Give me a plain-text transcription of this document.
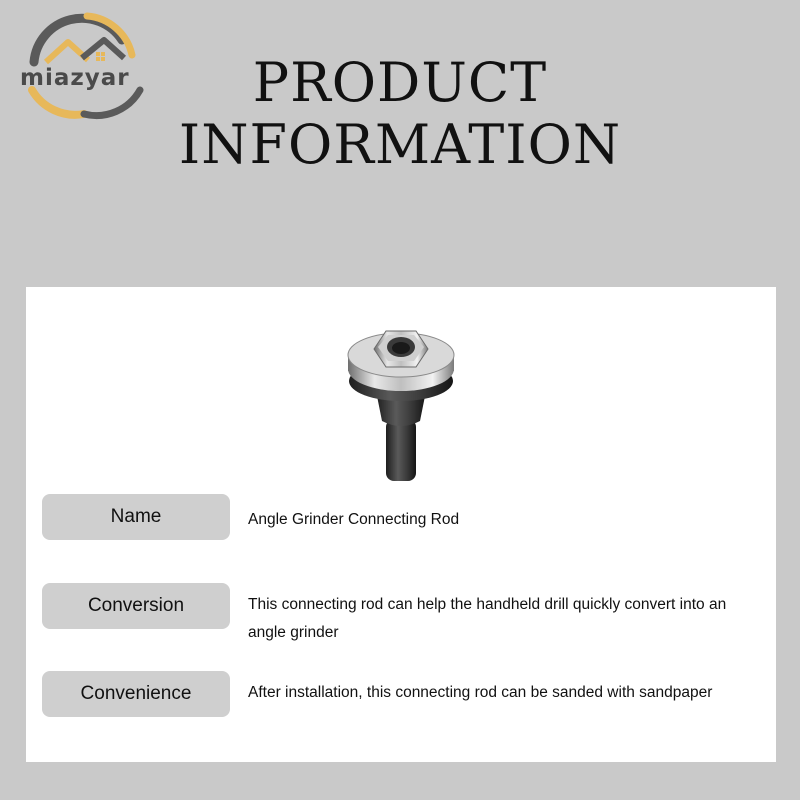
miazyar	PRODUCT
INFORMATION
Name	Angle Grinder Connecting Rod
Conversion	This connecting rod can help the handheld drill quickly convert into an angle grinder
Convenience	After installation, this connecting rod can be sanded with sandpaper
